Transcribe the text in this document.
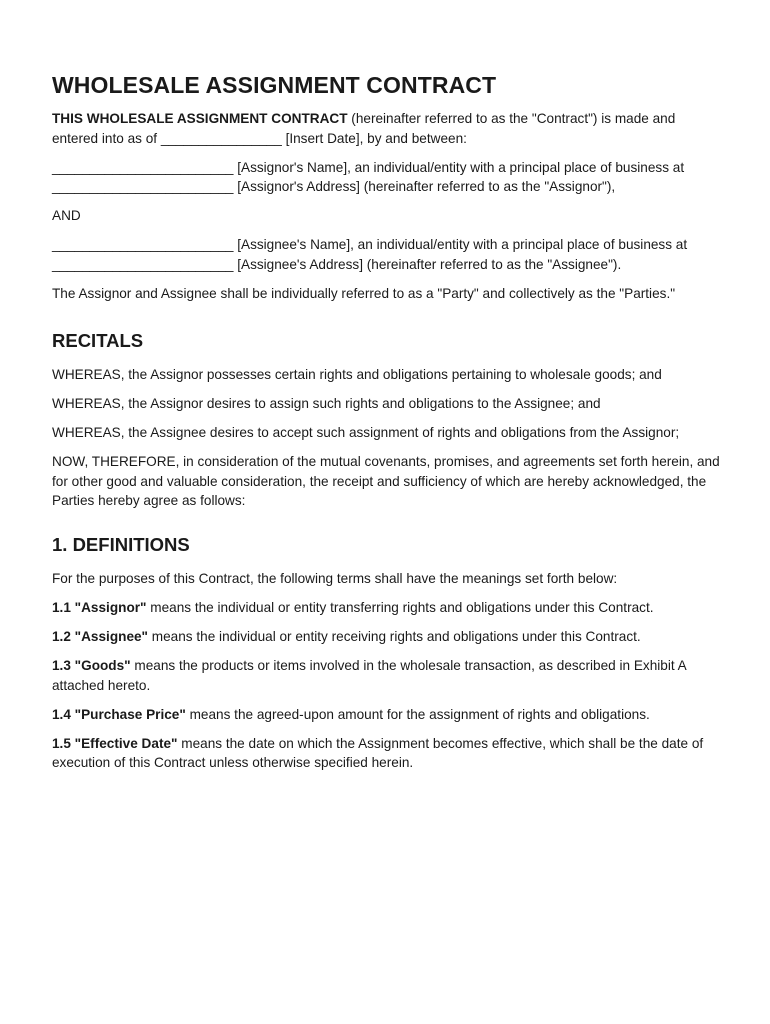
WHOLESALE ASSIGNMENT CONTRACT

THIS WHOLESALE ASSIGNMENT CONTRACT (hereinafter referred to as the "Contract") is made and entered into as of ________________ [Insert Date], by and between:

________________________ [Assignor's Name], an individual/entity with a principal place of business at ________________________ [Assignor's Address] (hereinafter referred to as the "Assignor"),

AND

________________________ [Assignee's Name], an individual/entity with a principal place of business at ________________________ [Assignee's Address] (hereinafter referred to as the "Assignee").

The Assignor and Assignee shall be individually referred to as a "Party" and collectively as the "Parties."

RECITALS

WHEREAS, the Assignor possesses certain rights and obligations pertaining to wholesale goods; and

WHEREAS, the Assignor desires to assign such rights and obligations to the Assignee; and

WHEREAS, the Assignee desires to accept such assignment of rights and obligations from the Assignor;

NOW, THEREFORE, in consideration of the mutual covenants, promises, and agreements set forth herein, and for other good and valuable consideration, the receipt and sufficiency of which are hereby acknowledged, the Parties hereby agree as follows:

1. DEFINITIONS

For the purposes of this Contract, the following terms shall have the meanings set forth below:

1.1 "Assignor" means the individual or entity transferring rights and obligations under this Contract.

1.2 "Assignee" means the individual or entity receiving rights and obligations under this Contract.

1.3 "Goods" means the products or items involved in the wholesale transaction, as described in Exhibit A attached hereto.

1.4 "Purchase Price" means the agreed-upon amount for the assignment of rights and obligations.

1.5 "Effective Date" means the date on which the Assignment becomes effective, which shall be the date of execution of this Contract unless otherwise specified herein.
